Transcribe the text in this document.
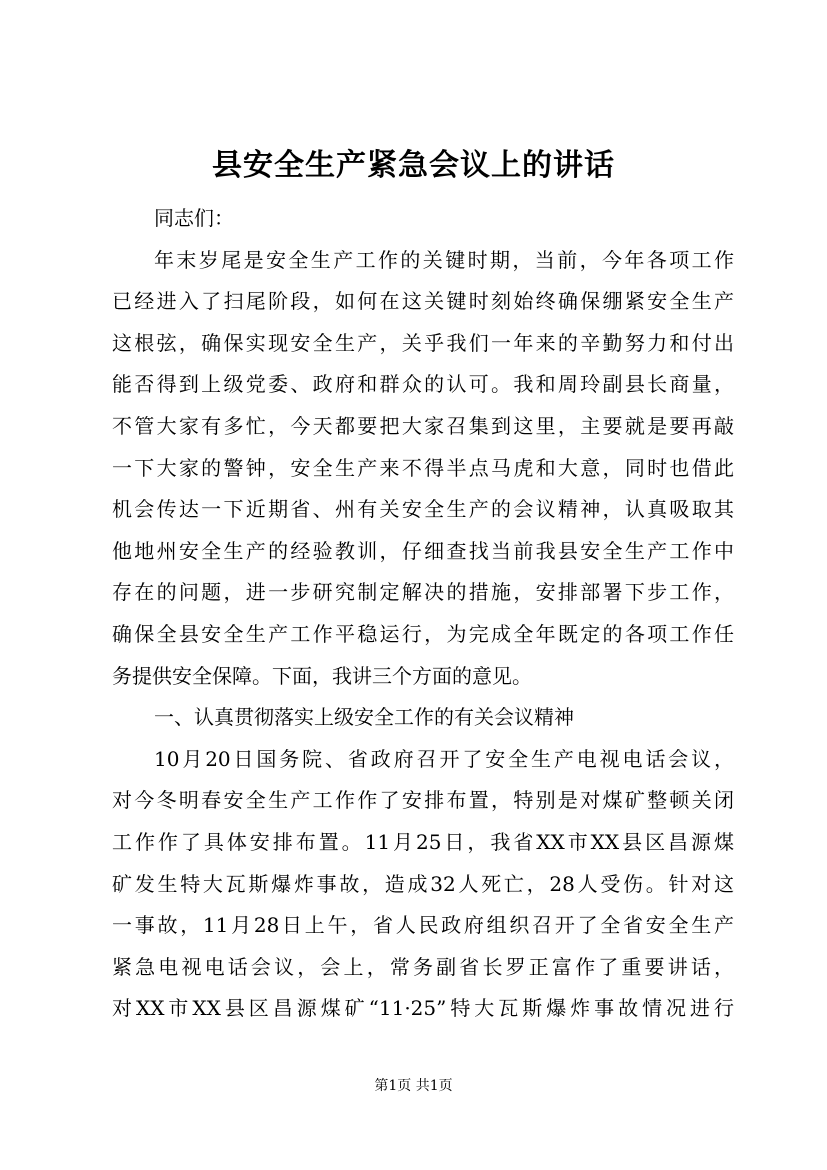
县安全生产紧急会议上的讲话
同志们：
年末岁尾是安全生产工作的关键时期，当前，今年各项工作
已经进入了扫尾阶段，如何在这关键时刻始终确保绷紧安全生产
这根弦，确保实现安全生产，关乎我们一年来的辛勤努力和付出
能否得到上级党委、政府和群众的认可。我和周玲副县长商量，
不管大家有多忙，今天都要把大家召集到这里，主要就是要再敲
一下大家的警钟，安全生产来不得半点马虎和大意，同时也借此
机会传达一下近期省、州有关安全生产的会议精神，认真吸取其
他地州安全生产的经验教训，仔细查找当前我县安全生产工作中
存在的问题，进一步研究制定解决的措施，安排部署下步工作，
确保全县安全生产工作平稳运行，为完成全年既定的各项工作任
务提供安全保障。下面，我讲三个方面的意见。
一、认真贯彻落实上级安全工作的有关会议精神
10月20日国务院、省政府召开了安全生产电视电话会议，
对今冬明春安全生产工作作了安排布置，特别是对煤矿整顿关闭
工作作了具体安排布置。11月25日，我省XX市XX县区昌源煤
矿发生特大瓦斯爆炸事故，造成32人死亡，28人受伤。针对这
一事故，11月28日上午，省人民政府组织召开了全省安全生产
紧急电视电话会议，会上，常务副省长罗正富作了重要讲话，
对XX市XX县区昌源煤矿“11·25”特大瓦斯爆炸事故情况进行
第1页 共1页
